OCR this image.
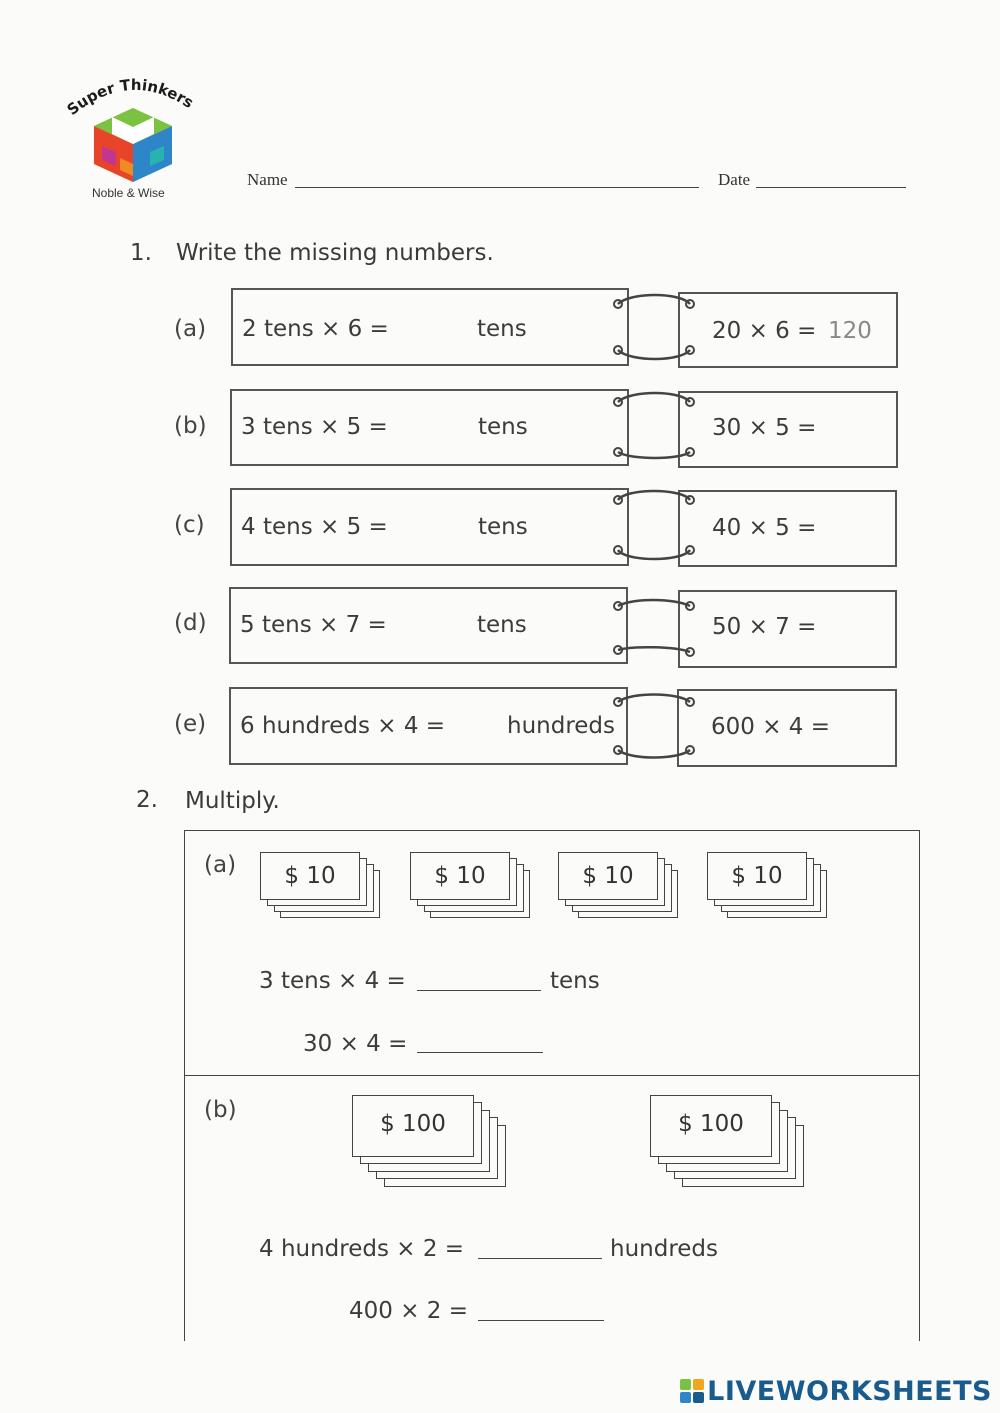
Super Thinkers
Noble & Wise
Name	Date
1. Write the missing numbers.
(a) 2 tens × 6 =	tens	20 × 6 = 120
(b) 3 tens × 5 =	tens	30 × 5 =
(c) 4 tens × 5 =	tens	40 × 5 =
(d) 5 tens × 7 =	tens	50 × 7 =
(e) 6 hundreds × 4 =	hundreds	600 × 4 =
2. Multiply.
(a)	$ 10	$ 10	$ 10	$ 10
3 tens × 4 =	tens
30 × 4 =
(b)
$ 100	$ 100
4 hundreds × 2 =	hundreds
400 × 2 =
LIVEWORKSHEETS
